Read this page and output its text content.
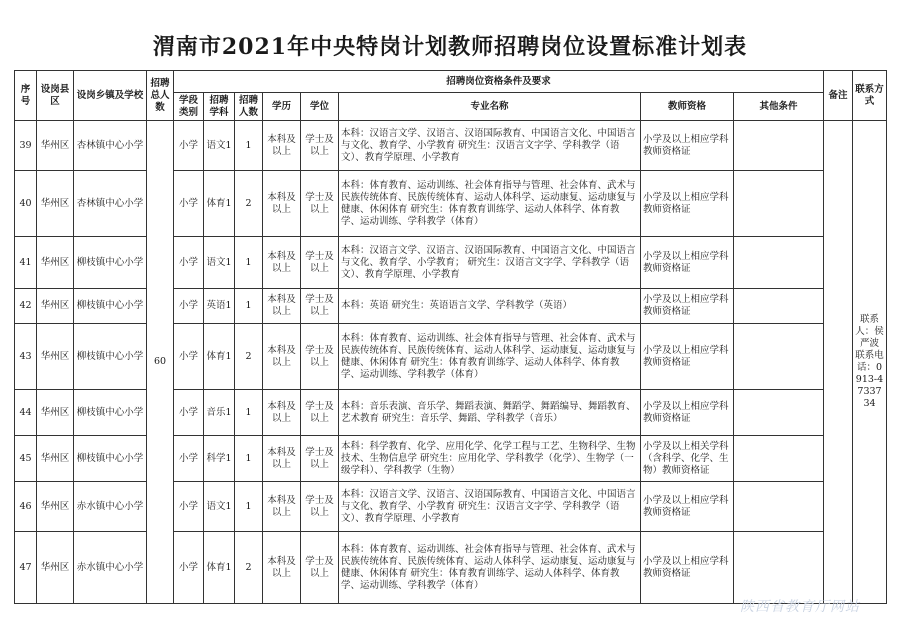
渭南市2021年中央特岗计划教师招聘岗位设置标准计划表
序号	设岗县区	设岗乡镇及学校	招聘总人数	招聘岗位资格条件及要求								备注	联系方式
				学段类别	招聘学科	招聘人数	学历	学位	专业名称	教师资格	其他条件		
39	华州区	杏林镇中心小学	60	小学	语文1	1	本科及以上	学士及以上	本科：汉语言文学、汉语言、汉语国际教育、中国语言文化、中国语言与文化、教育学、小学教育 研究生：汉语言文字学、学科教学（语文）、教育学原理、小学教育	小学及以上相应学科教师资格证			联系人：侯严波 联系电话：0913-4733734
40	华州区	杏林镇中心小学		小学	体育1	2	本科及以上	学士及以上	本科：体育教育、运动训练、社会体育指导与管理、社会体育、武术与民族传统体育、民族传统体育、运动人体科学、运动康复、运动康复与健康、休闲体育 研究生：体育教育训练学、运动人体科学、体育教学、运动训练、学科教学（体育）	小学及以上相应学科教师资格证			
41	华州区	柳枝镇中心小学		小学	语文1	1	本科及以上	学士及以上	本科：汉语言文学、汉语言、汉语国际教育、中国语言文化、中国语言与文化、教育学、小学教育； 研究生：汉语言文字学、学科教学（语文）、教育学原理、小学教育	小学及以上相应学科教师资格证			
42	华州区	柳枝镇中心小学		小学	英语1	1	本科及以上	学士及以上	本科：英语 研究生：英语语言文学、学科教学（英语）	小学及以上相应学科教师资格证			
43	华州区	柳枝镇中心小学		小学	体育1	2	本科及以上	学士及以上	本科：体育教育、运动训练、社会体育指导与管理、社会体育、武术与民族传统体育、民族传统体育、运动人体科学、运动康复、运动康复与健康、休闲体育 研究生：体育教育训练学、运动人体科学、体育教学、运动训练、学科教学（体育）	小学及以上相应学科教师资格证			
44	华州区	柳枝镇中心小学		小学	音乐1	1	本科及以上	学士及以上	本科：音乐表演、音乐学、舞蹈表演、舞蹈学、舞蹈编导、舞蹈教育、艺术教育 研究生：音乐学、舞蹈、学科教学（音乐）	小学及以上相应学科教师资格证			
45	华州区	柳枝镇中心小学		小学	科学1	1	本科及以上	学士及以上	本科：科学教育、化学、应用化学、化学工程与工艺、生物科学、生物技术、生物信息学 研究生：应用化学、学科教学（化学）、生物学（一级学科）、学科教学（生物）	小学及以上相关学科（含科学、化学、生物）教师资格证			
46	华州区	赤水镇中心小学		小学	语文1	1	本科及以上	学士及以上	本科：汉语言文学、汉语言、汉语国际教育、中国语言文化、中国语言与文化、教育学、小学教育 研究生：汉语言文字学、学科教学（语文）、教育学原理、小学教育	小学及以上相应学科教师资格证			
47	华州区	赤水镇中心小学		小学	体育1	2	本科及以上	学士及以上	本科：体育教育、运动训练、社会体育指导与管理、社会体育、武术与民族传统体育、民族传统体育、运动人体科学、运动康复、运动康复与健康、休闲体育 研究生：体育教育训练学、运动人体科学、体育教学、运动训练、学科教学（体育）	小学及以上相应学科教师资格证			
陕西省教育厅网站
